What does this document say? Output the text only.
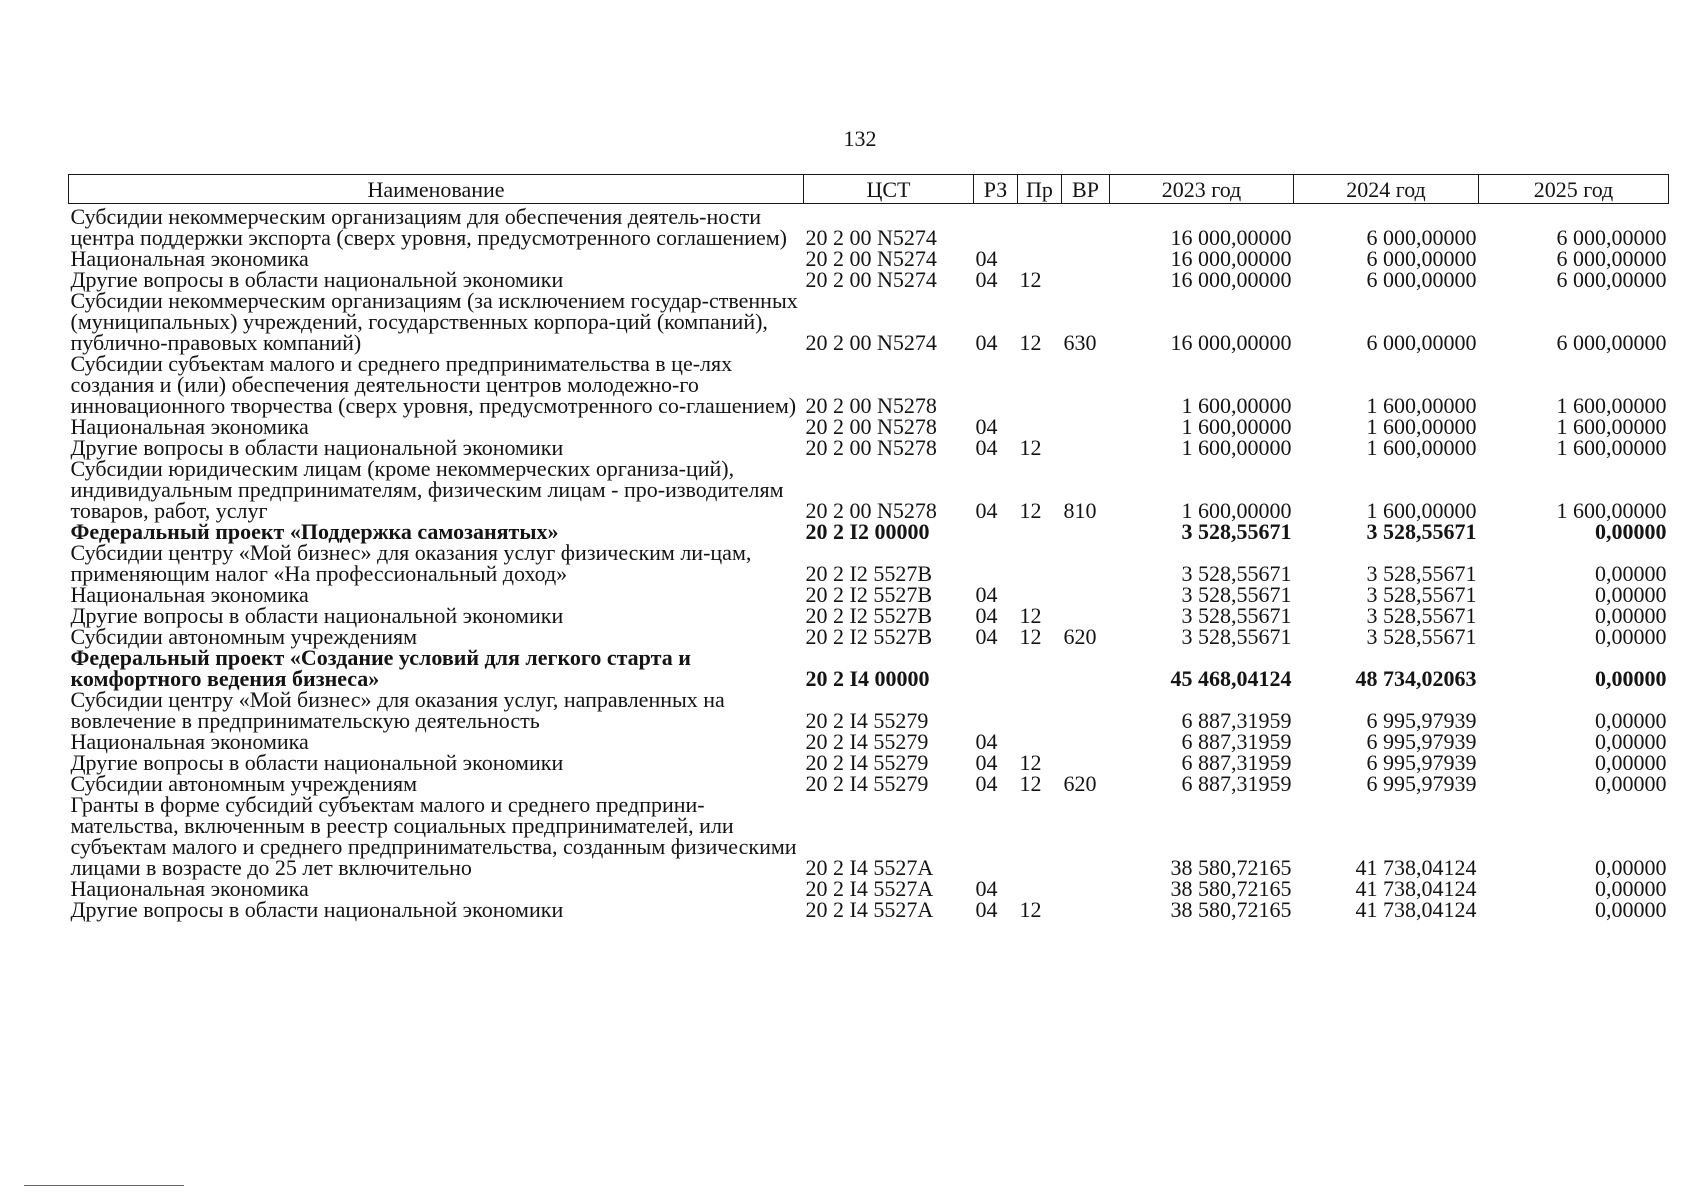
132
Наименование	ЦСТ	РЗ	Пр	ВР	2023 год	2024 год	2025 год
Субсидии некоммерческим организациям для обеспечения деятель-ности центра поддержки экспорта (сверх уровня, предусмотренного соглашением)	20 2 00 N5274				16 000,00000	6 000,00000	6 000,00000
Национальная экономика	20 2 00 N5274	04			16 000,00000	6 000,00000	6 000,00000
Другие вопросы в области национальной экономики	20 2 00 N5274	04	12		16 000,00000	6 000,00000	6 000,00000
Субсидии некоммерческим организациям (за исключением государ-ственных (муниципальных) учреждений, государственных корпора-ций (компаний), публично-правовых компаний)	20 2 00 N5274	04	12	630	16 000,00000	6 000,00000	6 000,00000
Субсидии субъектам малого и среднего предпринимательства в це-лях создания и (или) обеспечения деятельности центров молодежно-го инновационного творчества (сверх уровня, предусмотренного со-глашением)	20 2 00 N5278				1 600,00000	1 600,00000	1 600,00000
Национальная экономика	20 2 00 N5278	04			1 600,00000	1 600,00000	1 600,00000
Другие вопросы в области национальной экономики	20 2 00 N5278	04	12		1 600,00000	1 600,00000	1 600,00000
Субсидии юридическим лицам (кроме некоммерческих организа-ций), индивидуальным предпринимателям, физическим лицам - про-изводителям товаров, работ, услуг	20 2 00 N5278	04	12	810	1 600,00000	1 600,00000	1 600,00000
Федеральный проект «Поддержка самозанятых»	20 2 I2 00000				3 528,55671	3 528,55671	0,00000
Субсидии центру «Мой бизнес» для оказания услуг физическим ли-цам, применяющим налог «На профессиональный доход»	20 2 I2 5527B				3 528,55671	3 528,55671	0,00000
Национальная экономика	20 2 I2 5527B	04			3 528,55671	3 528,55671	0,00000
Другие вопросы в области национальной экономики	20 2 I2 5527B	04	12		3 528,55671	3 528,55671	0,00000
Субсидии автономным учреждениям	20 2 I2 5527B	04	12	620	3 528,55671	3 528,55671	0,00000
Федеральный проект «Создание условий для легкого старта и комфортного ведения бизнеса»	20 2 I4 00000				45 468,04124	48 734,02063	0,00000
Субсидии центру «Мой бизнес» для оказания услуг, направленных на вовлечение в предпринимательскую деятельность	20 2 I4 55279				6 887,31959	6 995,97939	0,00000
Национальная экономика	20 2 I4 55279	04			6 887,31959	6 995,97939	0,00000
Другие вопросы в области национальной экономики	20 2 I4 55279	04	12		6 887,31959	6 995,97939	0,00000
Субсидии автономным учреждениям	20 2 I4 55279	04	12	620	6 887,31959	6 995,97939	0,00000
Гранты в форме субсидий субъектам малого и среднего предприни-мательства, включенным в реестр социальных предпринимателей, или субъектам малого и среднего предпринимательства, созданным физическими лицами в возрасте до 25 лет включительно	20 2 I4 5527A				38 580,72165	41 738,04124	0,00000
Национальная экономика	20 2 I4 5527A	04			38 580,72165	41 738,04124	0,00000
Другие вопросы в области национальной экономики	20 2 I4 5527A	04	12		38 580,72165	41 738,04124	0,00000
